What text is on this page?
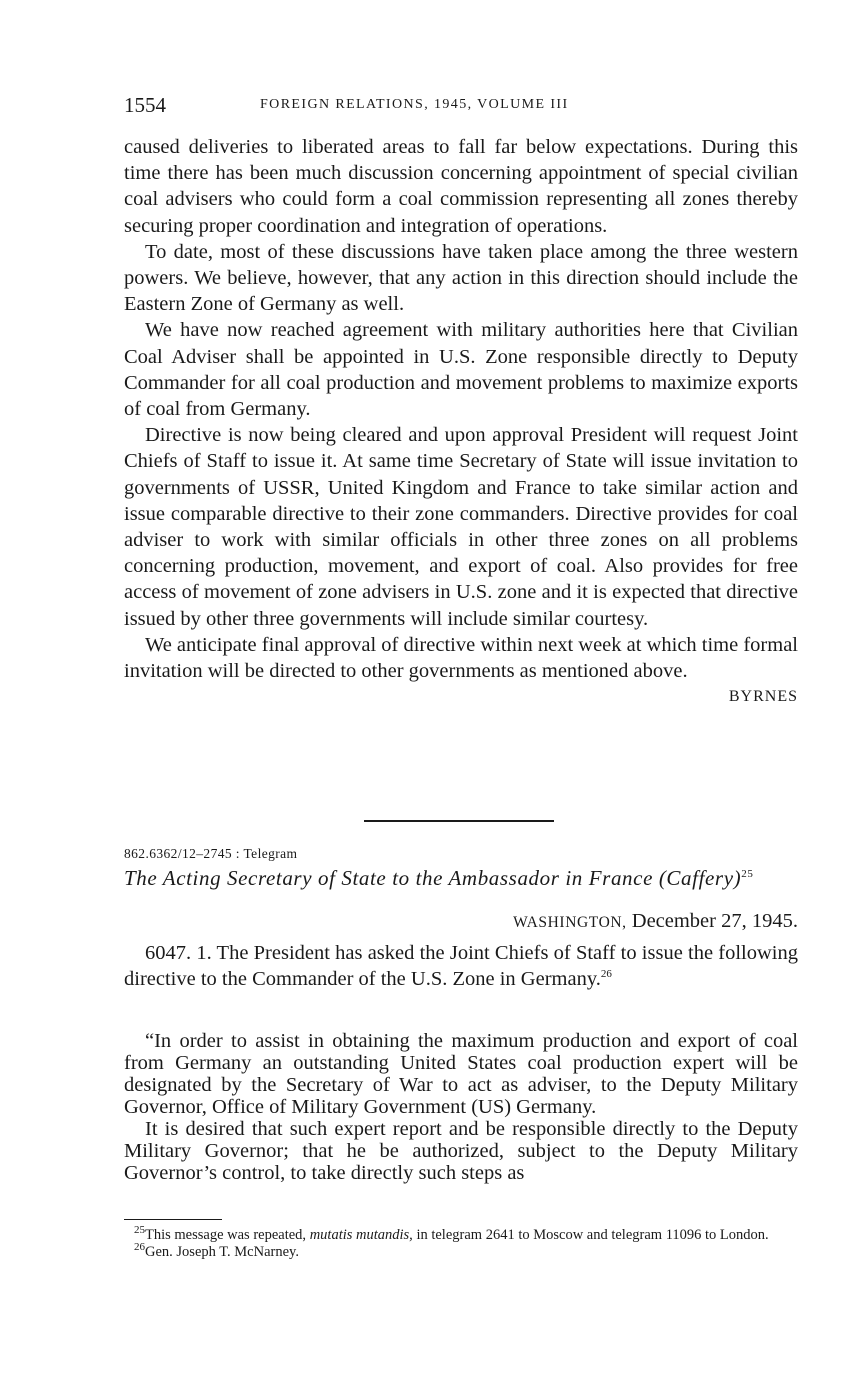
1554	FOREIGN RELATIONS, 1945, VOLUME III

caused deliveries to liberated areas to fall far below expectations. During this time there has been much discussion concerning appointment of special civilian coal advisers who could form a coal commission representing all zones thereby securing proper coordination and integration of operations.

To date, most of these discussions have taken place among the three western powers. We believe, however, that any action in this direction should include the Eastern Zone of Germany as well.

We have now reached agreement with military authorities here that Civilian Coal Adviser shall be appointed in U.S. Zone responsible directly to Deputy Commander for all coal production and movement problems to maximize exports of coal from Germany.

Directive is now being cleared and upon approval President will request Joint Chiefs of Staff to issue it. At same time Secretary of State will issue invitation to governments of USSR, United Kingdom and France to take similar action and issue comparable directive to their zone commanders. Directive provides for coal adviser to work with similar officials in other three zones on all problems concerning production, movement, and export of coal. Also provides for free access of movement of zone advisers in U.S. zone and it is expected that directive issued by other three governments will include similar courtesy.

We anticipate final approval of directive within next week at which time formal invitation will be directed to other governments as mentioned above.

BYRNES

862.6362/12–2745 : Telegram
The Acting Secretary of State to the Ambassador in France (Caffery)$^{25}$
WASHINGTON, December 27, 1945.

6047. 1. The President has asked the Joint Chiefs of Staff to issue the following directive to the Commander of the U.S. Zone in Germany.$^{26}$

“In order to assist in obtaining the maximum production and export of coal from Germany an outstanding United States coal production expert will be designated by the Secretary of War to act as adviser, to the Deputy Military Governor, Office of Military Government (US) Germany.

It is desired that such expert report and be responsible directly to the Deputy Military Governor; that he be authorized, subject to the Deputy Military Governor’s control, to take directly such steps as

$^{25}$This message was repeated, mutatis mutandis, in telegram 2641 to Moscow and telegram 11096 to London.

$^{26}$Gen. Joseph T. McNarney.
